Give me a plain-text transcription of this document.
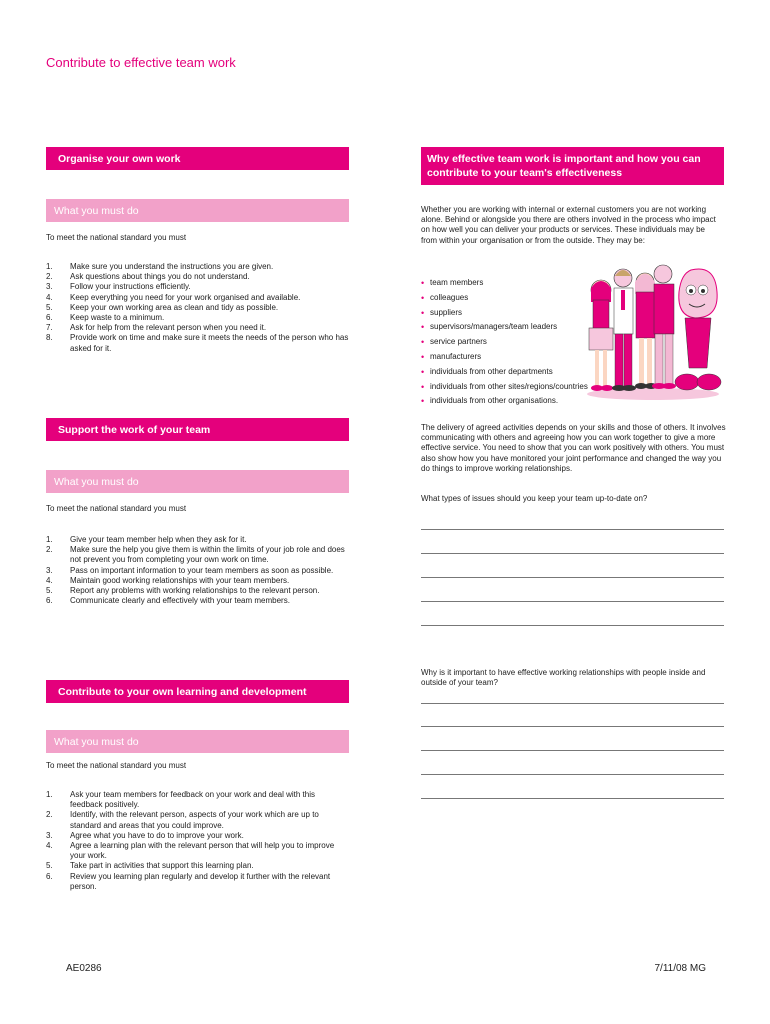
Contribute to effective team work
Organise your own work
What you must do
To meet the national standard you must
1.	Make sure you understand the instructions you are given.
2.	Ask questions about things you do not understand.
3.	Follow your instructions efficiently.
4.	Keep everything you need for your work organised and available.
5.	Keep your own working area as clean and tidy as possible.
6.	Keep waste to a minimum.
7.	Ask for help from the relevant person when you need it.
8.	Provide work on time and make sure it meets the needs of the person who has asked for it.
Support the work of your team
What you must do
To meet the national standard you must
1.	Give your team member help when they ask for it.
2.	Make sure the help you give them is within the limits of your job role and does not prevent you from completing your own work on time.
3.	Pass on important information to your team members as soon as possible.
4.	Maintain good working relationships with your team members.
5.	Report any problems with working relationships to the relevant person.
6.	Communicate clearly and effectively with your team members.
Contribute to your own learning and development
What you must do
To meet the national standard you must
1.	Ask your team members for feedback on your work and deal with this feedback positively.
2.	Identify, with the relevant person, aspects of your work which are up to standard and areas that you could improve.
3.	Agree what you have to do to improve your work.
4.	Agree a learning plan with the relevant person that will help you to improve your work.
5.	Take part in activities that support this learning plan.
6.	Review you learning plan regularly and develop it further with the relevant person.
Why effective team work is important and how you can contribute to your team's effectiveness
Whether you are working with internal or external customers you are not working alone. Behind or alongside you there are others involved in the process who impact on how well you can deliver your products or services. These individuals may be from within your organisation or from the outside. They may be:
• team members
• colleagues
• suppliers
• supervisors/managers/team leaders
• service partners
• manufacturers
• individuals from other departments
• individuals from other sites/regions/countries
• individuals from other organisations.
The delivery of agreed activities depends on your skills and those of others. It involves communicating with others and agreeing how you can work together to give a more effective service. You need to show that you can work positively with others. You must also show how you have monitored your joint performance and changed the way you do things to improve working relationships.
What types of issues should you keep your team up-to-date on?
Why is it important to have effective working relationships with people inside and outside of your team?
AE0286	7/11/08 MG
